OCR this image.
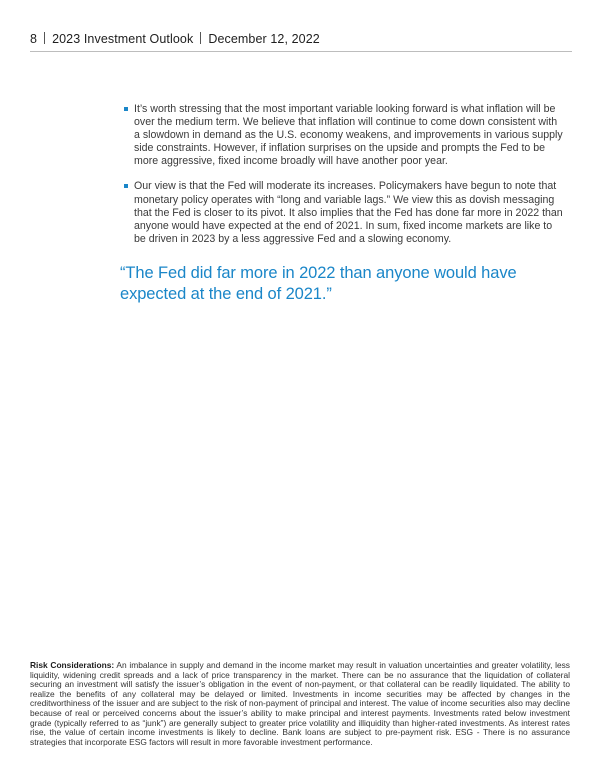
8 2023 Investment Outlook December 12, 2022
It’s worth stressing that the most important variable looking forward is what inflation will be over the medium term. We believe that inflation will continue to come down consistent with a slowdown in demand as the U.S. economy weakens, and improvements in various supply side constraints. However, if inflation surprises on the upside and prompts the Fed to be more aggressive, fixed income broadly will have another poor year.
Our view is that the Fed will moderate its increases. Policymakers have begun to note that monetary policy operates with “long and variable lags.” We view this as dovish messaging that the Fed is closer to its pivot. It also implies that the Fed has done far more in 2022 than anyone would have expected at the end of 2021. In sum, fixed income markets are like to be driven in 2023 by a less aggressive Fed and a slowing economy.
“The Fed did far more in 2022 than anyone would have expected at the end of 2021.”
Risk Considerations: An imbalance in supply and demand in the income market may result in valuation uncertainties and greater volatility, less liquidity, widening credit spreads and a lack of price transparency in the market. There can be no assurance that the liquidation of collateral securing an investment will satisfy the issuer’s obligation in the event of non-payment, or that collateral can be readily liquidated. The ability to realize the benefits of any collateral may be delayed or limited. Investments in income securities may be affected by changes in the creditworthiness of the issuer and are subject to the risk of non-payment of principal and interest. The value of income securities also may decline because of real or perceived concerns about the issuer’s ability to make principal and interest payments. Investments rated below investment grade (typically referred to as “junk”) are generally subject to greater price volatility and illiquidity than higher-rated investments. As interest rates rise, the value of certain income investments is likely to decline. Bank loans are subject to pre-payment risk. ESG - There is no assurance strategies that incorporate ESG factors will result in more favorable investment performance.
